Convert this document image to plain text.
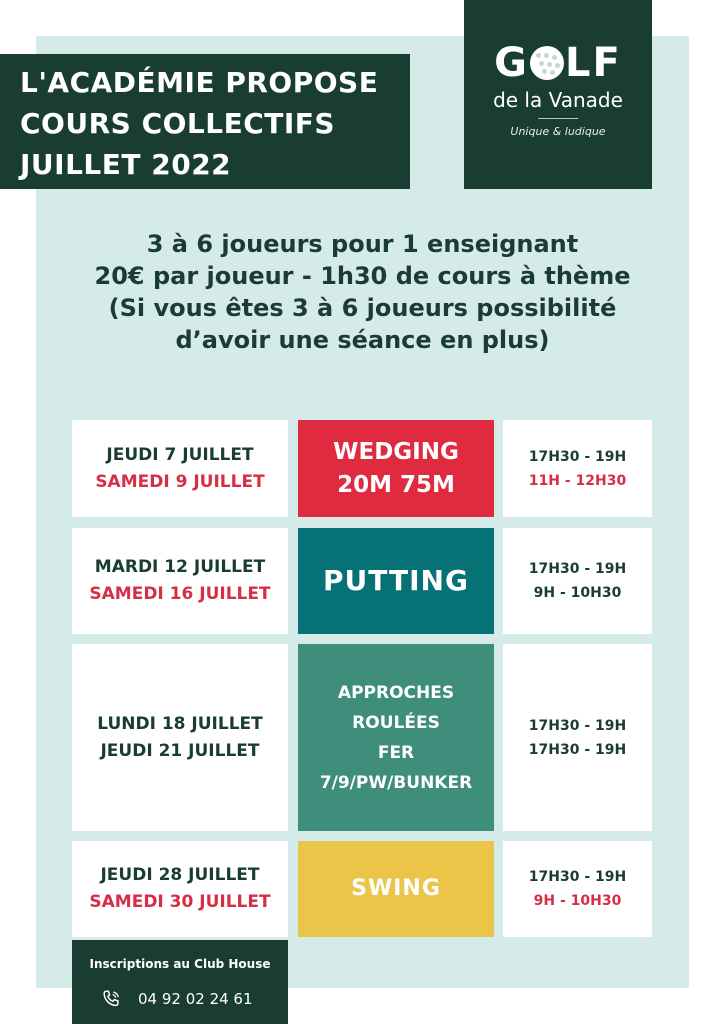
L'ACADÉMIE PROPOSE
COURS COLLECTIFS
JUILLET 2022
G LF
de la Vanade
Unique & ludique
3 à 6 joueurs pour 1 enseignant
20€ par joueur - 1h30 de cours à thème
(Si vous êtes 3 à 6 joueurs possibilité
d’avoir une séance en plus)
JEUDI 7 JUILLET
SAMEDI 9 JUILLET
WEDGING
20M 75M
17H30 - 19H
11H - 12H30
MARDI 12 JUILLET
SAMEDI 16 JUILLET PUTTING	17H30 - 19H
9H - 10H30
LUNDI 18 JUILLET
JEUDI 21 JUILLET
APPROCHES
ROULÉES
FER
7/9/PW/BUNKER
17H30 - 19H
17H30 - 19H
JEUDI 28 JUILLET
SAMEDI 30 JUILLET
SWING	17H30 - 19H
9H - 10H30
Inscriptions au Club House
04 92 02 24 61
